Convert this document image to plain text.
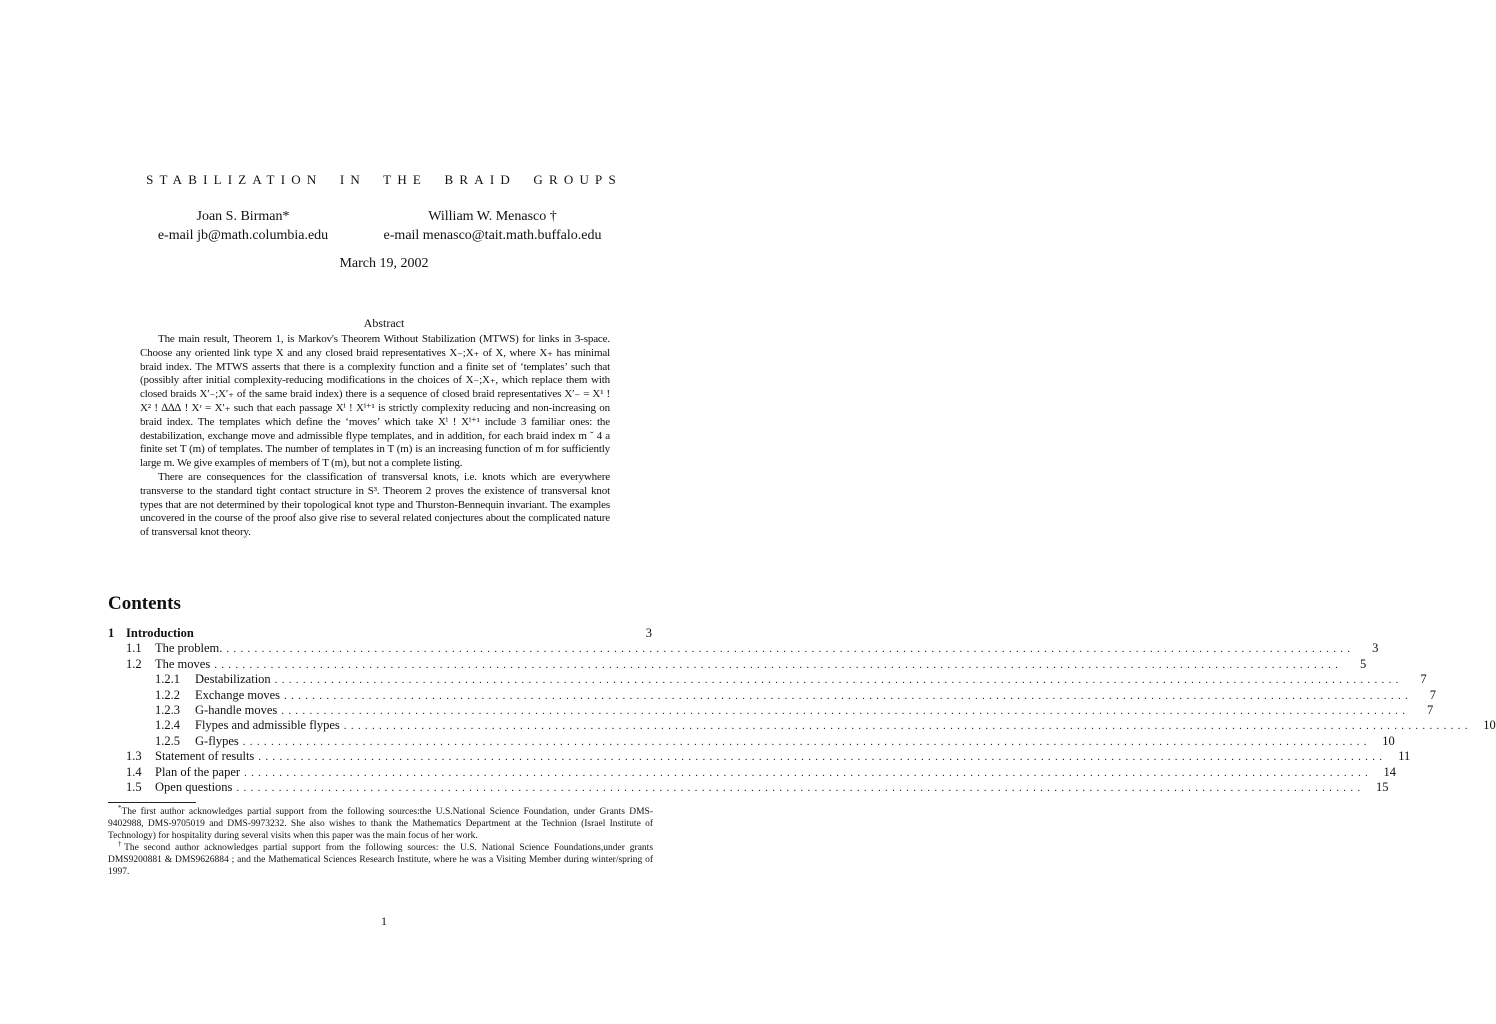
STABILIZATION IN THE BRAID GROUPS
Joan S. Birman*
e-mail jb@math.columbia.edu
William W. Menasco †
e-mail menasco@tait.math.buffalo.edu
March 19, 2002
Abstract

The main result, Theorem 1, is Markov's Theorem Without Stabilization (MTWS) for links in 3-space. Choose any oriented link type X and any closed braid representatives X₋;X₊ of X, where X₊ has minimal braid index. The MTWS asserts that there is a complexity function and a finite set of ‘templates’ such that (possibly after initial complexity-reducing modifications in the choices of X₋;X₊, which replace them with closed braids X′₋;X′₊ of the same braid index) there is a sequence of closed braid representatives X′₋ = X¹ ! X² ! ∆∆∆ ! Xʳ = X′₊ such that each passage Xⁱ ! Xⁱ⁺¹ is strictly complexity reducing and non-increasing on braid index. The templates which define the ‘moves’ which take Xⁱ ! Xⁱ⁺¹ include 3 familiar ones: the destabilization, exchange move and admissible flype templates, and in addition, for each braid index m ˘ 4 a finite set T (m) of templates. The number of templates in T (m) is an increasing function of m for sufficiently large m. We give examples of members of T (m), but not a complete listing.

There are consequences for the classification of transversal knots, i.e. knots which are everywhere transverse to the standard tight contact structure in S³. Theorem 2 proves the existence of transversal knot types that are not determined by their topological knot type and Thurston-Bennequin invariant. The examples uncovered in the course of the proof also give rise to several related conjectures about the complicated nature of transversal knot theory.

Contents
1 Introduction	3
1.1	The problem. ................................................................................................................................................................	3
1.2	The moves ................................................................................................................................................................	5
1.2.1	Destabilization ................................................................................................................................................................	7
1.2.2	Exchange moves ................................................................................................................................................................	7
1.2.3	G-handle moves ................................................................................................................................................................	7
1.2.4	Flypes and admissible flypes ................................................................................................................................................................ 10
1.2.5	G-flypes ................................................................................................................................................................ 10
1.3	Statement of results ................................................................................................................................................................ 11
1.4	Plan of the paper ................................................................................................................................................................ 14
1.5	Open questions ................................................................................................................................................................ 15

*The first author acknowledges partial support from the following sources:the U.S.National Science Foundation, under Grants DMS-9402988, DMS-9705019 and DMS-9973232. She also wishes to thank the Mathematics Department at the Technion (Israel Institute of Technology) for hospitality during several visits when this paper was the main focus of her work.

†The second author acknowledges partial support from the following sources: the U.S. National Science Foundations,under grants DMS9200881 & DMS9626884 ; and the Mathematical Sciences Research Institute, where he was a Visiting Member during winter/spring of 1997.

1
